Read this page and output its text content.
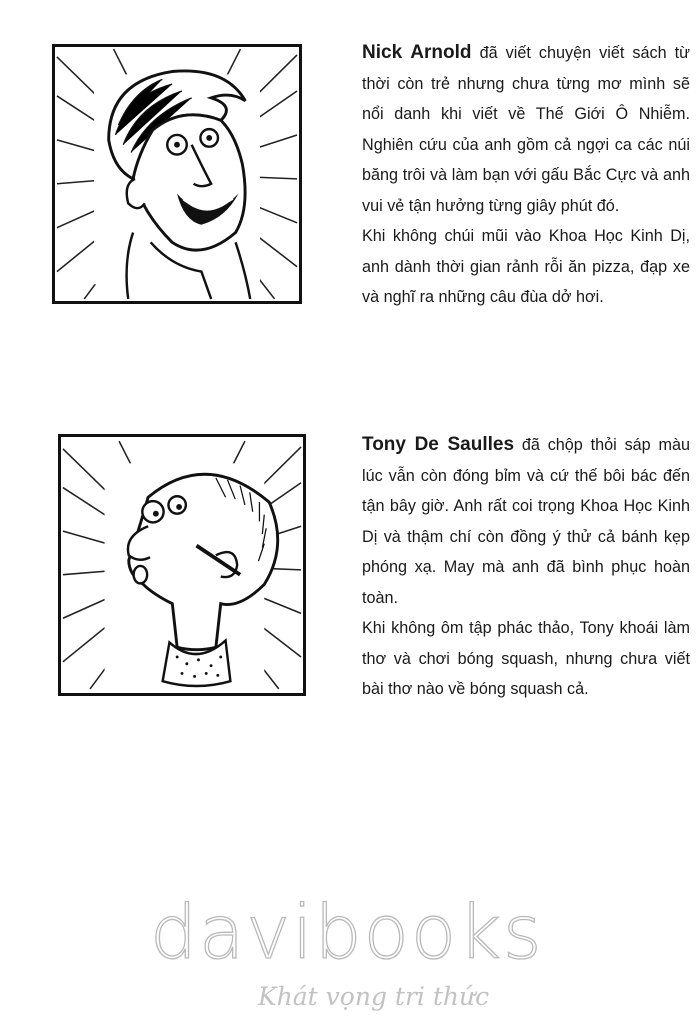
Nick Arnold đã viết chuyện viết sách từ thời còn trẻ nhưng chưa từng mơ mình sẽ nổi danh khi viết về Thế Giới Ô Nhiễm. Nghiên cứu của anh gồm cả ngợi ca các núi băng trôi và làm bạn với gấu Bắc Cực và anh vui vẻ tận hưởng từng giây phút đó.

Khi không chúi mũi vào Khoa Học Kinh Dị, anh dành thời gian rảnh rỗi ăn pizza, đạp xe và nghĩ ra những câu đùa dở hơi.

Tony De Saulles đã chộp thỏi sáp màu lúc vẫn còn đóng bỉm và cứ thế bôi bác đến tận bây giờ. Anh rất coi trọng Khoa Học Kinh Dị và thậm chí còn đồng ý thử cả bánh kẹp phóng xạ. May mà anh đã bình phục hoàn toàn.

Khi không ôm tập phác thảo, Tony khoái làm thơ và chơi bóng squash, nhưng chưa viết bài thơ nào về bóng squash cả.

davibooks
Khát vọng tri thức
